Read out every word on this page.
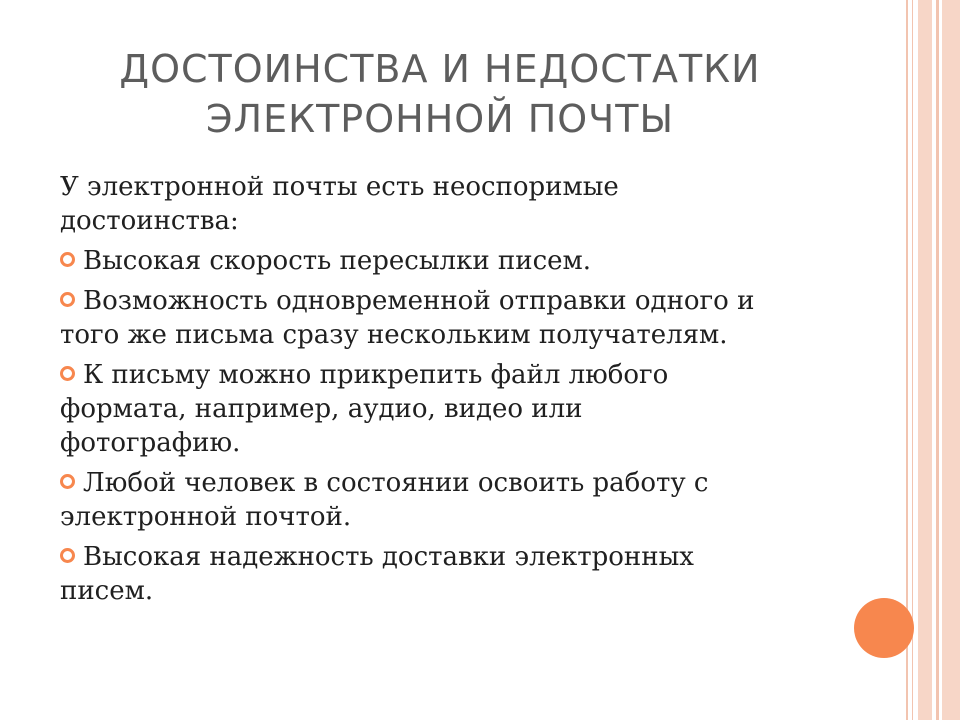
ДОСТОИНСТВА И НЕДОСТАТКИ
ЭЛЕКТРОННОЙ ПОЧТЫ

У электронной почты есть неоспоримые
достоинства:

Высокая скорость пересылки писем.
Возможность одновременной отправки одного и
того же письма сразу нескольким получателям.
К письму можно прикрепить файл любого
формата, например, аудио, видео или
фотографию.
Любой человек в состоянии освоить работу с
электронной почтой.
Высокая надежность доставки электронных
писем.
